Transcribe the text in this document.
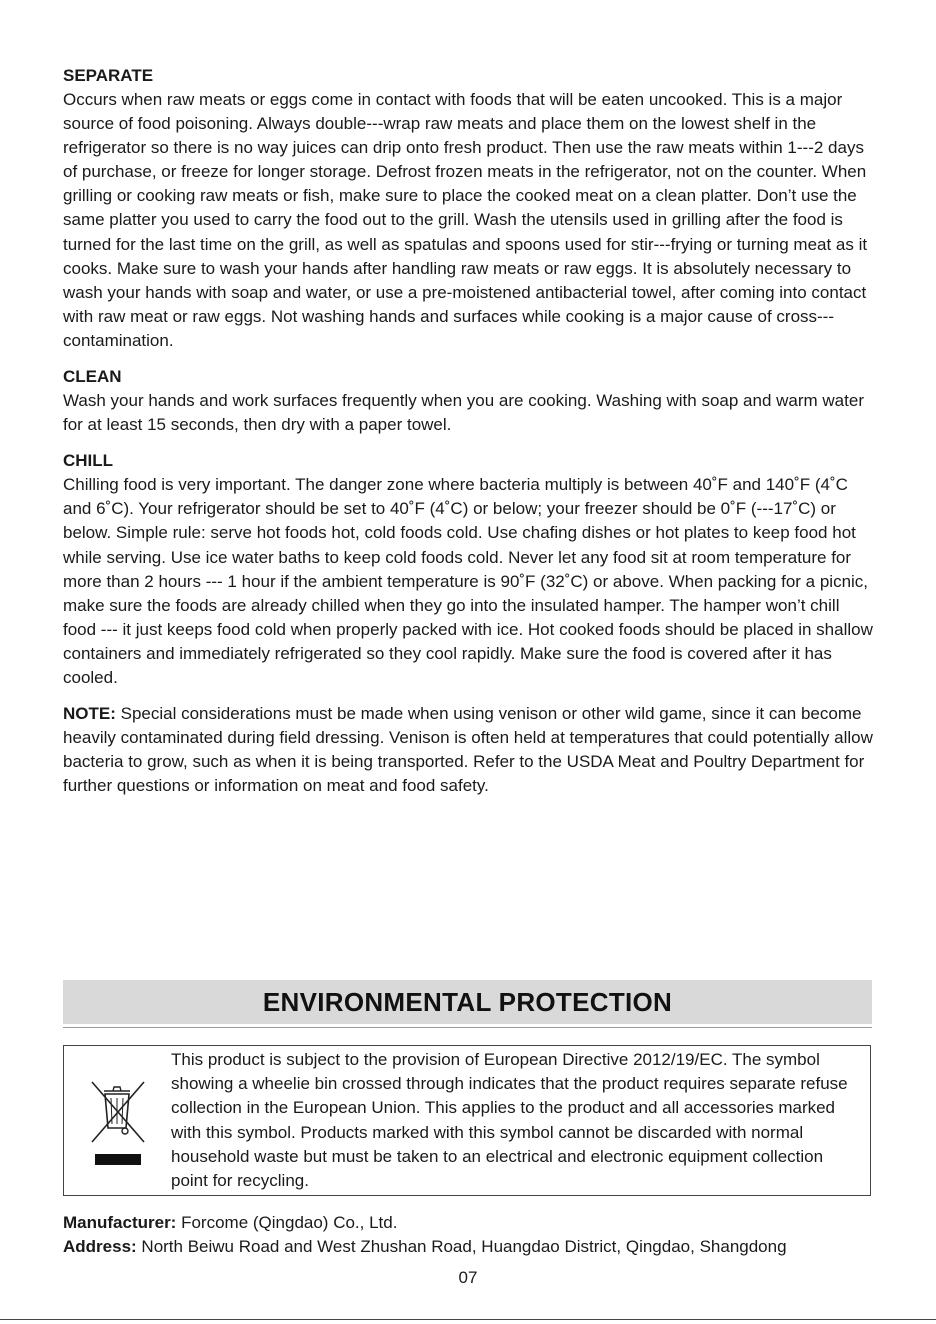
SEPARATE

Occurs when raw meats or eggs come in contact with foods that will be eaten uncooked. This is a major source of food poisoning. Always double---wrap raw meats and place them on the lowest shelf in the refrigerator so there is no way juices can drip onto fresh product. Then use the raw meats within 1---2 days of purchase, or freeze for longer storage. Defrost frozen meats in the refrigerator, not on the counter. When grilling or cooking raw meats or fish, make sure to place the cooked meat on a clean platter. Don’t use the same platter you used to carry the food out to the grill. Wash the utensils used in grilling after the food is turned for the last time on the grill, as well as spatulas and spoons used for stir---frying or turning meat as it cooks. Make sure to wash your hands after handling raw meats or raw eggs. It is absolutely necessary to wash your hands with soap and water, or use a pre-moistened antibacterial towel, after coming into contact with raw meat or raw eggs. Not washing hands and surfaces while cooking is a major cause of cross---contamination.

CLEAN

Wash your hands and work surfaces frequently when you are cooking. Washing with soap and warm water for at least 15 seconds, then dry with a paper towel.

CHILL

Chilling food is very important. The danger zone where bacteria multiply is between 40˚F and 140˚F (4˚C and 6˚C). Your refrigerator should be set to 40˚F (4˚C) or below; your freezer should be 0˚F (---17˚C) or below. Simple rule: serve hot foods hot, cold foods cold. Use chafing dishes or hot plates to keep food hot while serving. Use ice water baths to keep cold foods cold. Never let any food sit at room temperature for more than 2 hours --- 1 hour if the ambient temperature is 90˚F (32˚C) or above. When packing for a picnic, make sure the foods are already chilled when they go into the insulated hamper. The hamper won’t chill food --- it just keeps food cold when properly packed with ice. Hot cooked foods should be placed in shallow containers and immediately refrigerated so they cool rapidly. Make sure the food is covered after it has cooled.

NOTE: Special considerations must be made when using venison or other wild game, since it can become heavily contaminated during field dressing. Venison is often held at temperatures that could potentially allow bacteria to grow, such as when it is being transported. Refer to the USDA Meat and Poultry Department for further questions or information on meat and food safety.

ENVIRONMENTAL PROTECTION

This product is subject to the provision of European Directive 2012/19/EC. The symbol showing a wheelie bin crossed through indicates that the product requires separate refuse collection in the European Union. This applies to the product and all accessories marked with this symbol. Products marked with this symbol cannot be discarded with normal household waste but must be taken to an electrical and electronic equipment collection point for recycling.

Manufacturer: Forcome (Qingdao) Co., Ltd.
Address: North Beiwu Road and West Zhushan Road, Huangdao District, Qingdao, Shangdong
07
